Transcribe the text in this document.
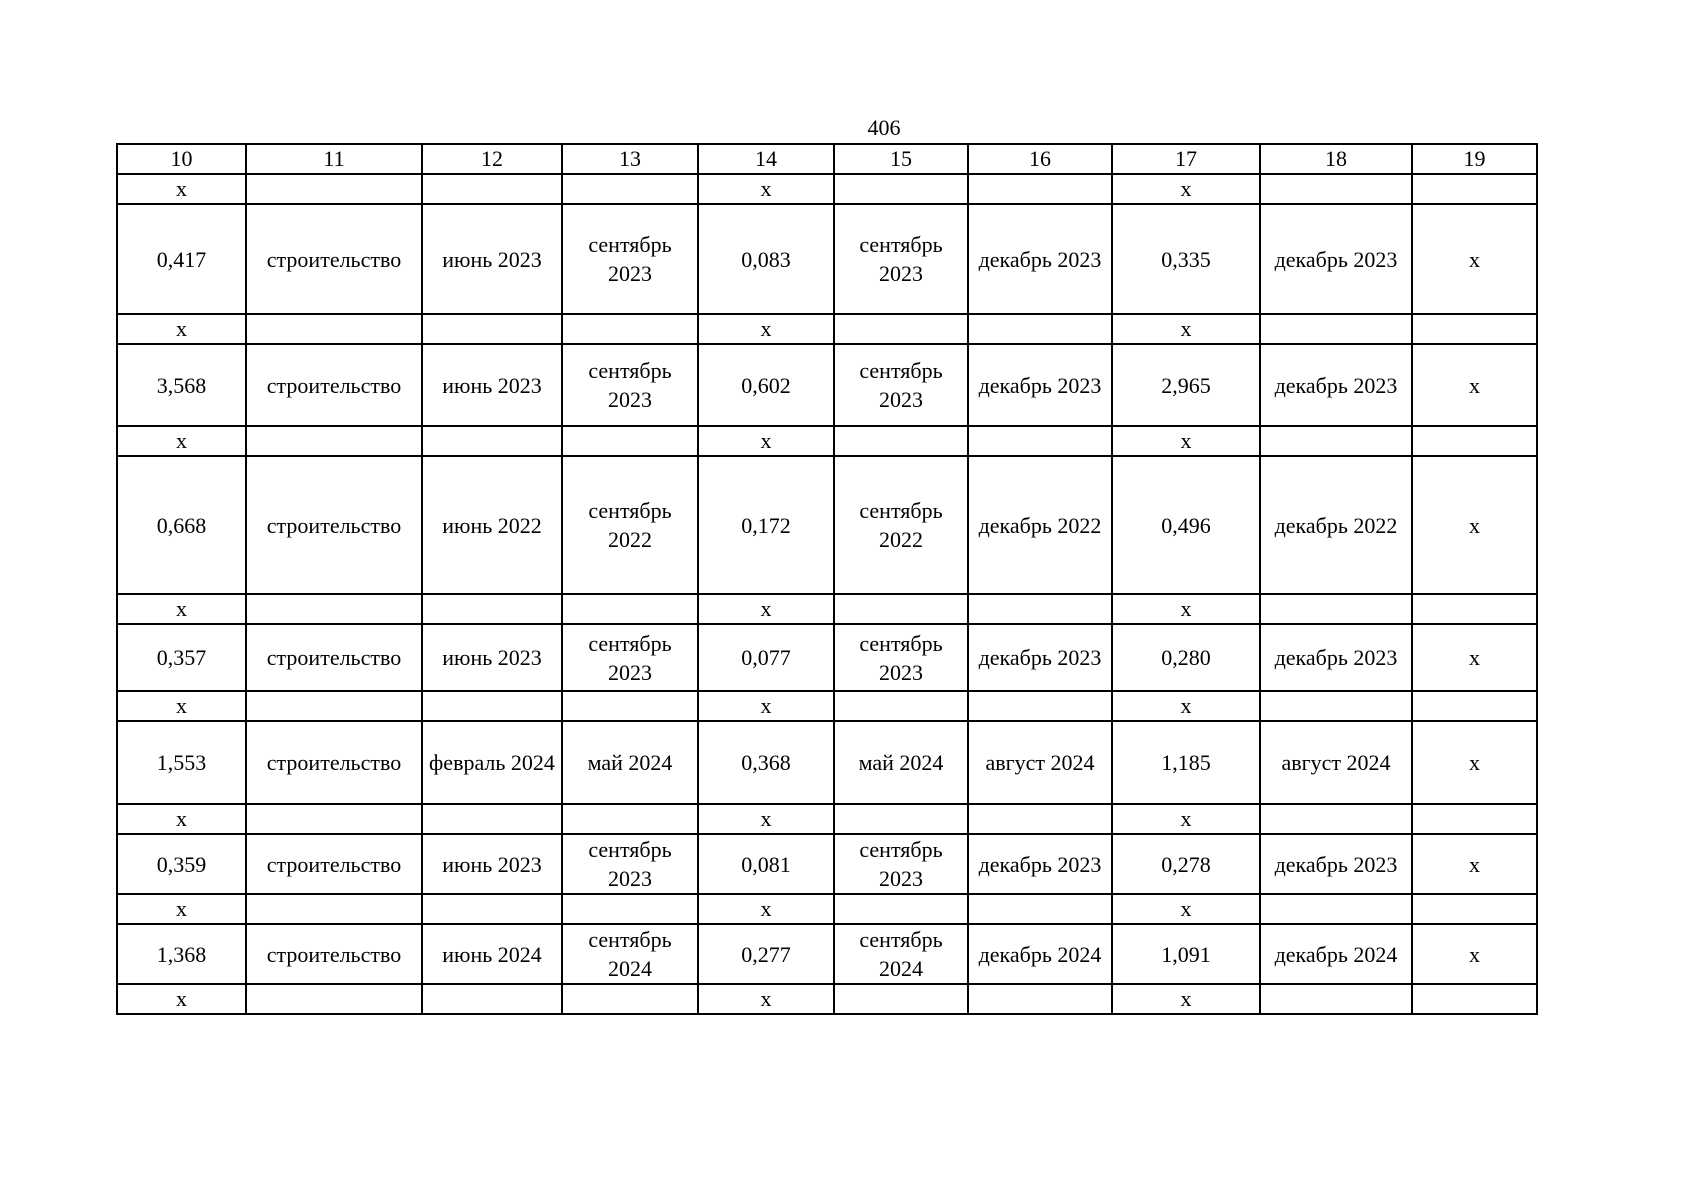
406
10	11	12	13	14	15	16	17	18	19
x				x			x		
0,417	строительство	июнь 2023	сентябрь 2023	0,083	сентябрь 2023	декабрь 2023	0,335	декабрь 2023	x
x				x			x		
3,568	строительство	июнь 2023	сентябрь 2023	0,602	сентябрь 2023	декабрь 2023	2,965	декабрь 2023	x
x				x			x		
0,668	строительство	июнь 2022	сентябрь 2022	0,172	сентябрь 2022	декабрь 2022	0,496	декабрь 2022	x
x				x			x		
0,357	строительство	июнь 2023	сентябрь 2023	0,077	сентябрь 2023	декабрь 2023	0,280	декабрь 2023	x
x				x			x		
1,553	строительство	февраль 2024	май 2024	0,368	май 2024	август 2024	1,185	август 2024	x
x				x			x		
0,359	строительство	июнь 2023	сентябрь 2023	0,081	сентябрь 2023	декабрь 2023	0,278	декабрь 2023	x
x				x			x		
1,368	строительство	июнь 2024	сентябрь 2024	0,277	сентябрь 2024	декабрь 2024	1,091	декабрь 2024	x
x				x			x		
